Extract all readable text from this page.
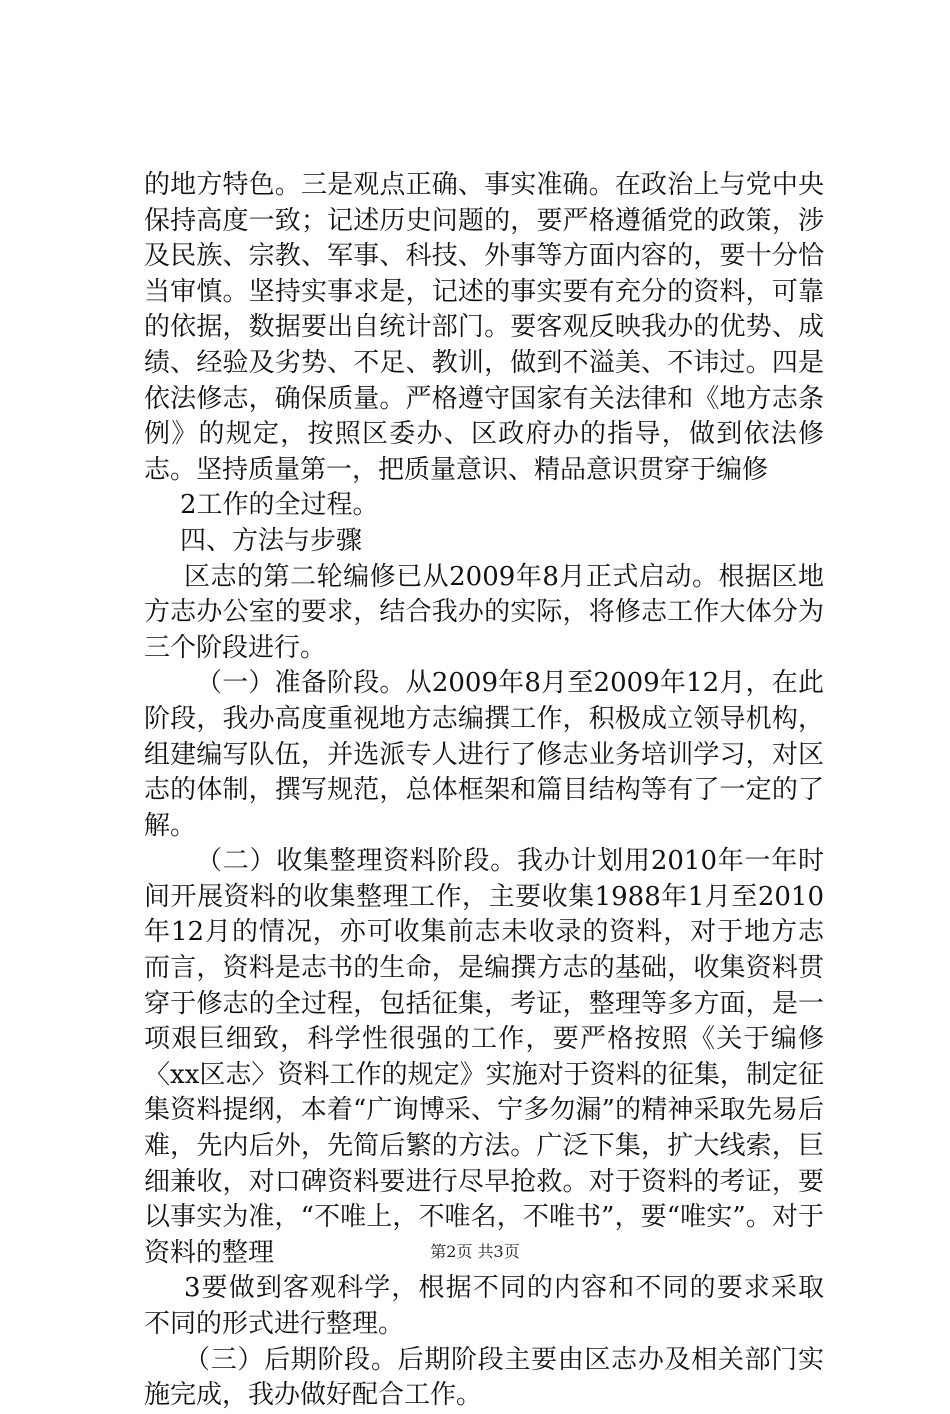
的地方特色。三是观点正确、事实准确。在政治上与党中央保持高度一致；记述历史问题的，要严格遵循党的政策，涉及民族、宗教、军事、科技、外事等方面内容的，要十分恰当审慎。坚持实事求是，记述的事实要有充分的资料，可靠的依据，数据要出自统计部门。要客观反映我办的优势、成绩、经验及劣势、不足、教训，做到不溢美、不讳过。四是依法修志，确保质量。严格遵守国家有关法律和《地方志条例》的规定，按照区委办、区政府办的指导，做到依法修志。坚持质量第一，把质量意识、精品意识贯穿于编修

2工作的全过程。

四、方法与步骤

区志的第二轮编修已从2009年8月正式启动。根据区地方志办公室的要求，结合我办的实际，将修志工作大体分为三个阶段进行。

（一）准备阶段。从2009年8月至2009年12月，在此阶段，我办高度重视地方志编撰工作，积极成立领导机构，组建编写队伍，并选派专人进行了修志业务培训学习，对区志的体制，撰写规范，总体框架和篇目结构等有了一定的了解。

（二）收集整理资料阶段。我办计划用2010年一年时间开展资料的收集整理工作，主要收集1988年1月至2010年12月的情况，亦可收集前志未收录的资料，对于地方志而言，资料是志书的生命，是编撰方志的基础，收集资料贯穿于修志的全过程，包括征集，考证，整理等多方面，是一项艰巨细致，科学性很强的工作，要严格按照《关于编修〈xx区志〉资料工作的规定》实施对于资料的征集，制定征集资料提纲，本着“广询博采、宁多勿漏”的精神采取先易后难，先内后外，先简后繁的方法。广泛下集，扩大线索，巨细兼收，对口碑资料要进行尽早抢救。对于资料的考证，要以事实为准，“不唯上，不唯名，不唯书”，要“唯实”。对于资料的整理

3要做到客观科学，根据不同的内容和不同的要求采取不同的形式进行整理。

（三）后期阶段。后期阶段主要由区志办及相关部门实施完成，我办做好配合工作。

第2页 共3页
